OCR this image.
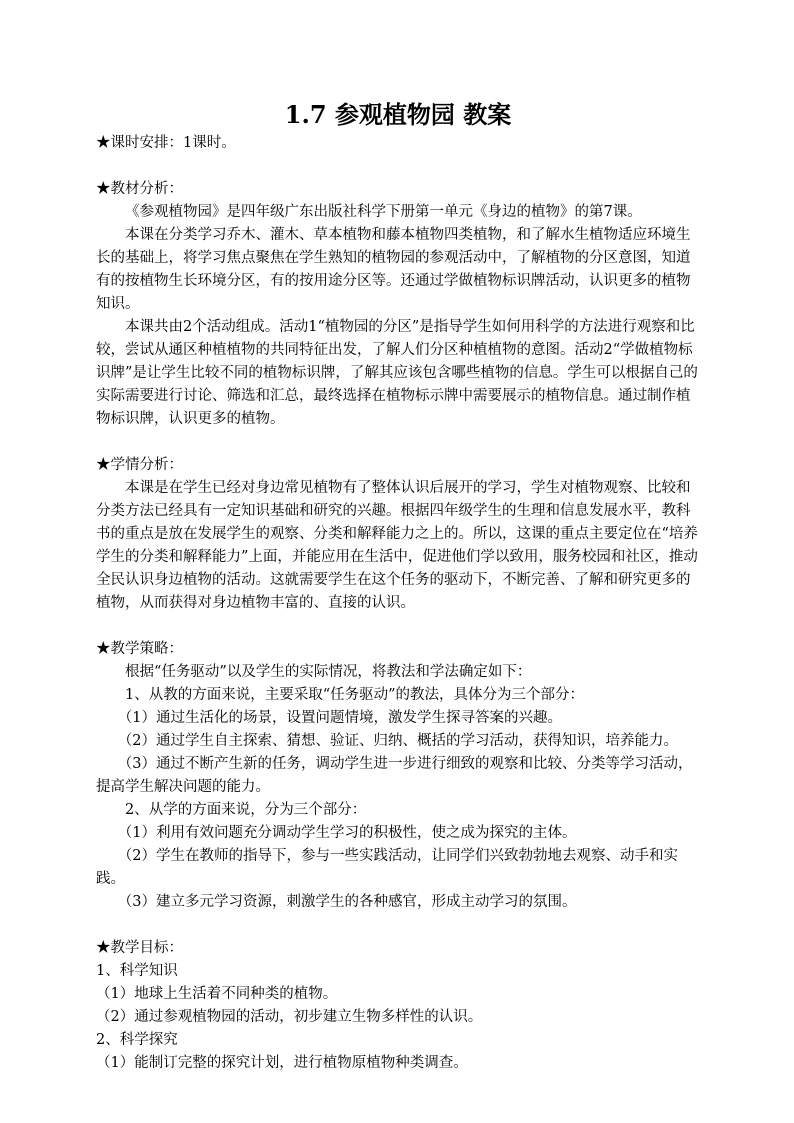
1.7 参观植物园 教案

★课时安排：1课时。

★教材分析：

《参观植物园》是四年级广东出版社科学下册第一单元《身边的植物》的第7课。

本课在分类学习乔木、灌木、草本植物和藤本植物四类植物，和了解水生植物适应环境生长的基础上，将学习焦点聚焦在学生熟知的植物园的参观活动中，了解植物的分区意图，知道有的按植物生长环境分区，有的按用途分区等。还通过学做植物标识牌活动，认识更多的植物知识。

本课共由2个活动组成。活动1“植物园的分区”是指导学生如何用科学的方法进行观察和比较，尝试从通区种植植物的共同特征出发，了解人们分区种植植物的意图。活动2“学做植物标识牌”是让学生比较不同的植物标识牌，了解其应该包含哪些植物的信息。学生可以根据自己的实际需要进行讨论、筛选和汇总，最终选择在植物标示牌中需要展示的植物信息。通过制作植物标识牌，认识更多的植物。

★学情分析：

本课是在学生已经对身边常见植物有了整体认识后展开的学习，学生对植物观察、比较和分类方法已经具有一定知识基础和研究的兴趣。根据四年级学生的生理和信息发展水平，教科书的重点是放在发展学生的观察、分类和解释能力之上的。所以，这课的重点主要定位在“培养学生的分类和解释能力”上面，并能应用在生活中，促进他们学以致用，服务校园和社区，推动全民认识身边植物的活动。这就需要学生在这个任务的驱动下，不断完善、了解和研究更多的植物，从而获得对身边植物丰富的、直接的认识。

★教学策略：

根据“任务驱动”以及学生的实际情况，将教法和学法确定如下：

1、从教的方面来说，主要采取“任务驱动”的教法，具体分为三个部分：

（1）通过生活化的场景，设置问题情境，激发学生探寻答案的兴趣。

（2）通过学生自主探索、猜想、验证、归纳、概括的学习活动，获得知识，培养能力。

（3）通过不断产生新的任务，调动学生进一步进行细致的观察和比较、分类等学习活动，提高学生解决问题的能力。

2、从学的方面来说，分为三个部分：

（1）利用有效问题充分调动学生学习的积极性，使之成为探究的主体。

（2）学生在教师的指导下，参与一些实践活动，让同学们兴致勃勃地去观察、动手和实践。

（3）建立多元学习资源，刺激学生的各种感官，形成主动学习的氛围。

★教学目标：

1、科学知识

（1）地球上生活着不同种类的植物。

（2）通过参观植物园的活动，初步建立生物多样性的认识。

2、科学探究

（1）能制订完整的探究计划，进行植物原植物种类调查。
